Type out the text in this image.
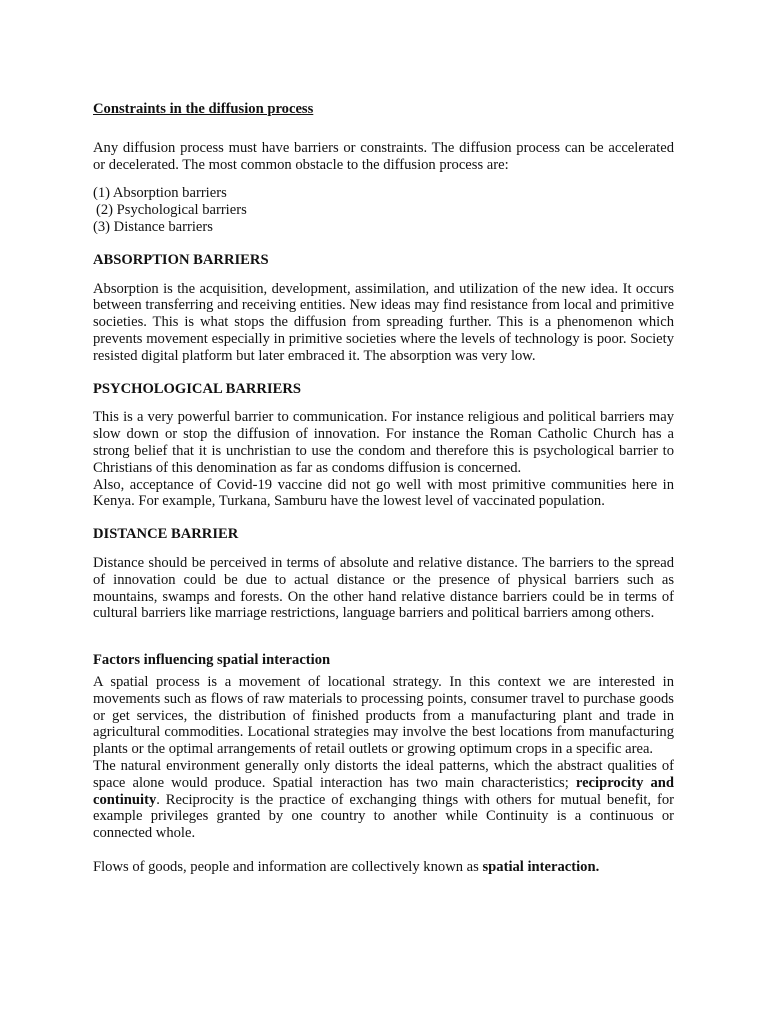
Constraints in the diffusion process

Any diffusion process must have barriers or constraints. The diffusion process can be accelerated or decelerated. The most common obstacle to the diffusion process are:

(1) Absorption barriers
(2) Psychological barriers
(3) Distance barriers
ABSORPTION BARRIERS

Absorption is the acquisition, development, assimilation, and utilization of the new idea. It occurs between transferring and receiving entities. New ideas may find resistance from local and primitive societies. This is what stops the diffusion from spreading further. This is a phenomenon which prevents movement especially in primitive societies where the levels of technology is poor. Society resisted digital platform but later embraced it. The absorption was very low.

PSYCHOLOGICAL BARRIERS

This is a very powerful barrier to communication. For instance religious and political barriers may slow down or stop the diffusion of innovation. For instance the Roman Catholic Church has a strong belief that it is unchristian to use the condom and therefore this is psychological barrier to Christians of this denomination as far as condoms diffusion is concerned.

Also, acceptance of Covid-19 vaccine did not go well with most primitive communities here in Kenya. For example, Turkana, Samburu have the lowest level of vaccinated population.

DISTANCE BARRIER

Distance should be perceived in terms of absolute and relative distance. The barriers to the spread of innovation could be due to actual distance or the presence of physical barriers such as mountains, swamps and forests. On the other hand relative distance barriers could be in terms of cultural barriers like marriage restrictions, language barriers and political barriers among others.

Factors influencing spatial interaction

A spatial process is a movement of locational strategy. In this context we are interested in movements such as flows of raw materials to processing points, consumer travel to purchase goods or get services, the distribution of finished products from a manufacturing plant and trade in agricultural commodities. Locational strategies may involve the best locations from manufacturing plants or the optimal arrangements of retail outlets or growing optimum crops in a specific area.

The natural environment generally only distorts the ideal patterns, which the abstract qualities of space alone would produce. Spatial interaction has two main characteristics; reciprocity and continuity. Reciprocity is the practice of exchanging things with others for mutual benefit, for example privileges granted by one country to another while Continuity is a continuous or connected whole.

Flows of goods, people and information are collectively known as spatial interaction.
